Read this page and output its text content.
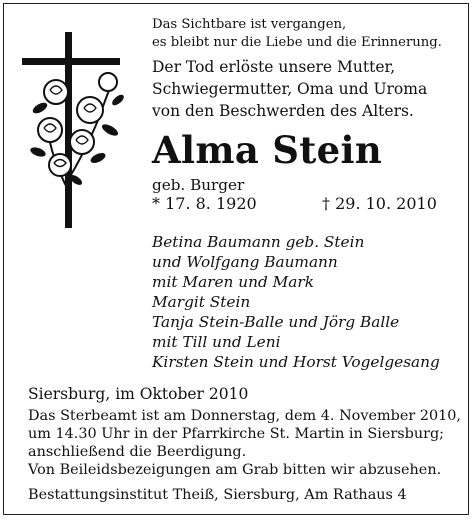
Das Sichtbare ist vergangen,
es bleibt nur die Liebe und die Erinnerung.
Der Tod erlöste unsere Mutter,
Schwiegermutter, Oma und Uroma
von den Beschwerden des Alters.
Alma Stein
geb. Burger
* 17. 8. 1920	† 29. 10. 2010
Betina Baumann geb. Stein
und Wolfgang Baumann
mit Maren und Mark
Margit Stein
Tanja Stein-Balle und Jörg Balle
mit Till und Leni
Kirsten Stein und Horst Vogelgesang
Siersburg, im Oktober 2010
Das Sterbeamt ist am Donnerstag, dem 4. November 2010,
um 14.30 Uhr in der Pfarrkirche St. Martin in Siersburg;
anschließend die Beerdigung.
Von Beileidsbezeigungen am Grab bitten wir abzusehen.
Bestattungsinstitut Theiß, Siersburg, Am Rathaus 4
